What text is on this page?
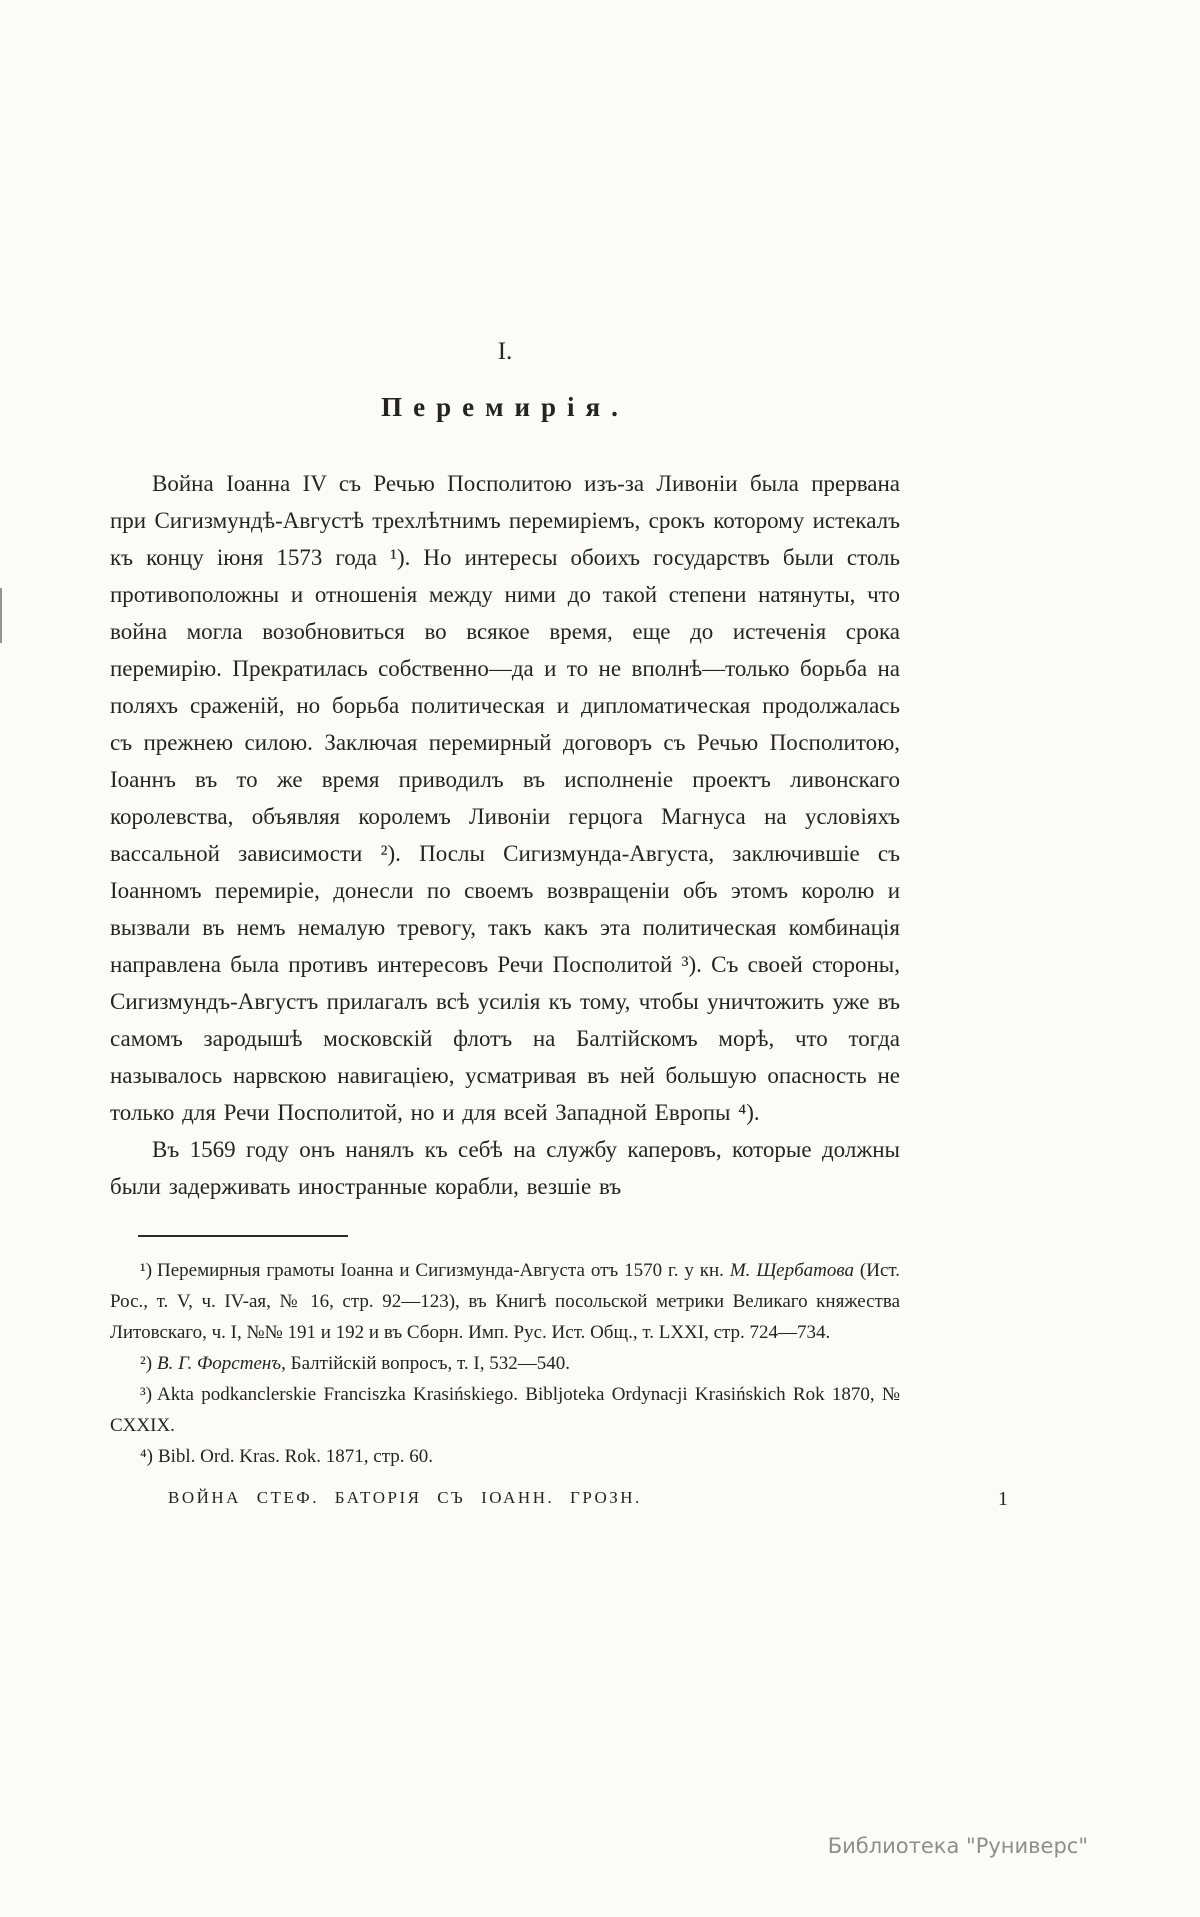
I.
Перемирія.

Война Іоанна IV съ Речью Посполитою изъ-за Ливоніи была прервана при Сигизмундѣ-Августѣ трехлѣтнимъ перемиріемъ, срокъ которому истекалъ къ концу іюня 1573 года ¹). Но интересы обоихъ государствъ были столь противоположны и отношенія между ними до такой степени натянуты, что война могла возобновиться во всякое время, еще до истеченія срока перемирію. Прекратилась собственно—да и то не вполнѣ—только борьба на поляхъ сраженій, но борьба политическая и дипломатическая продолжалась съ прежнею силою. Заключая перемирный договоръ съ Речью Посполитою, Іоаннъ въ то же время приводилъ въ исполненіе проектъ ливонскаго королевства, объявляя королемъ Ливоніи герцога Магнуса на условіяхъ вассальной зависимости ²). Послы Сигизмунда-Августа, заключившіе съ Іоанномъ перемиріе, донесли по своемъ возвращеніи объ этомъ королю и вызвали въ немъ немалую тревогу, такъ какъ эта политическая комбинація направлена была противъ интересовъ Речи Посполитой ³). Съ своей стороны, Сигизмундъ-Августъ прилагалъ всѣ усилія къ тому, чтобы уничтожить уже въ самомъ зародышѣ московскій флотъ на Балтійскомъ морѣ, что тогда называлось нарвскою навигаціею, усматривая въ ней большую опасность не только для Речи Посполитой, но и для всей Западной Европы ⁴).

Въ 1569 году онъ нанялъ къ себѣ на службу каперовъ, которые должны были задерживать иностранные корабли, везшіе въ

¹) Перемирныя грамоты Іоанна и Сигизмунда-Августа отъ 1570 г. у кн. М. Щербатова (Ист. Рос., т. V, ч. IV-ая, № 16, стр. 92—123), въ Книгѣ посольской метрики Великаго княжества Литовскаго, ч. I, №№ 191 и 192 и въ Сборн. Имп. Рус. Ист. Общ., т. LXXI, стр. 724—734.

²) В. Г. Форстенъ, Балтійскій вопросъ, т. I, 532—540.

³) Akta podkanclerskie Franciszka Krasińskiego. Bibljoteka Ordynacji Krasińskich Rok 1870, № CXXIX.

⁴) Bibl. Ord. Kras. Rok. 1871, стр. 60.

ВОЙНА СТЕФ. БАТОРІЯ СЪ ІОАНН. ГРОЗН.	1
Библиотека "Руниверс"
